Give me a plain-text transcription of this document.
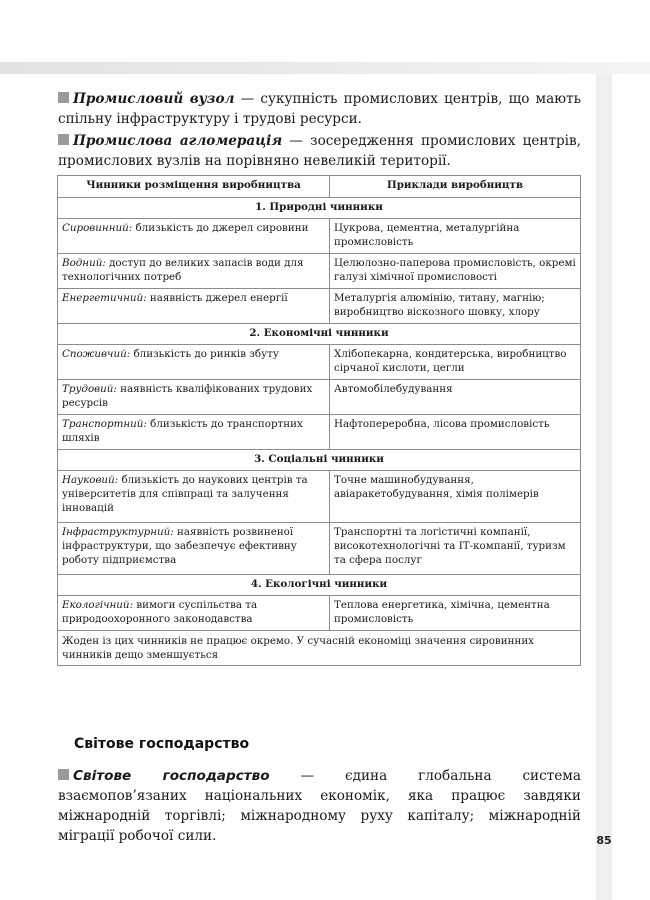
85

Промисловий вузол — сукупність промислових центрів, що мають спільну інфраструктуру і трудові ресурси.

Промислова агломерація — зосередження промислових центрів, промислових вузлів на порівняно невеликій території.

Чинники розміщення виробництва	Приклади виробництв
1. Природні чинники	
Сировинний: близькість до джерел сировини	Цукрова, цементна, металургійна промисловість
Водний: доступ до великих запасів води для технологічних потреб	Целюлозно-паперова промисловість, окремі галузі хімічної промисловості
Енергетичний: наявність джерел енергії	Металургія алюмінію, титану, магнію; виробництво віскозного шовку, хлору
2. Економічні чинники	
Споживчий: близькість до ринків збуту	Хлібопекарна, кондитерська, виробництво сірчаної кислоти, цегли
Трудовий: наявність кваліфікованих трудових ресурсів	Автомобілебудування
Транспортний: близькість до транспортних шляхів	Нафтопереробна, лісова промисловість
3. Соціальні чинники	
Науковий: близькість до наукових центрів та університетів для співпраці та залучення інновацій	Точне машинобудування, авіаракетобудування, хімія полімерів
Інфраструктурний: наявність розвиненої інфраструктури, що забезпечує ефективну роботу підприємства	Транспортні та логістичні компанії, високотехнологічні та ІТ-компанії, туризм та сфера послуг
4. Екологічні чинники	
Екологічний: вимоги суспільства та природоохоронного законодавства	Теплова енергетика, хімічна, цементна промисловість
Жоден із цих чинників не працює окремо. У сучасній економіці значення сировинних чинників дещо зменшується	
Світове господарство

Світове господарство — єдина глобальна система взаємопов’язаних національних економік, яка працює завдяки міжнародній торгівлі; міжнародному руху капіталу; міжнародній міграції робочої сили.
